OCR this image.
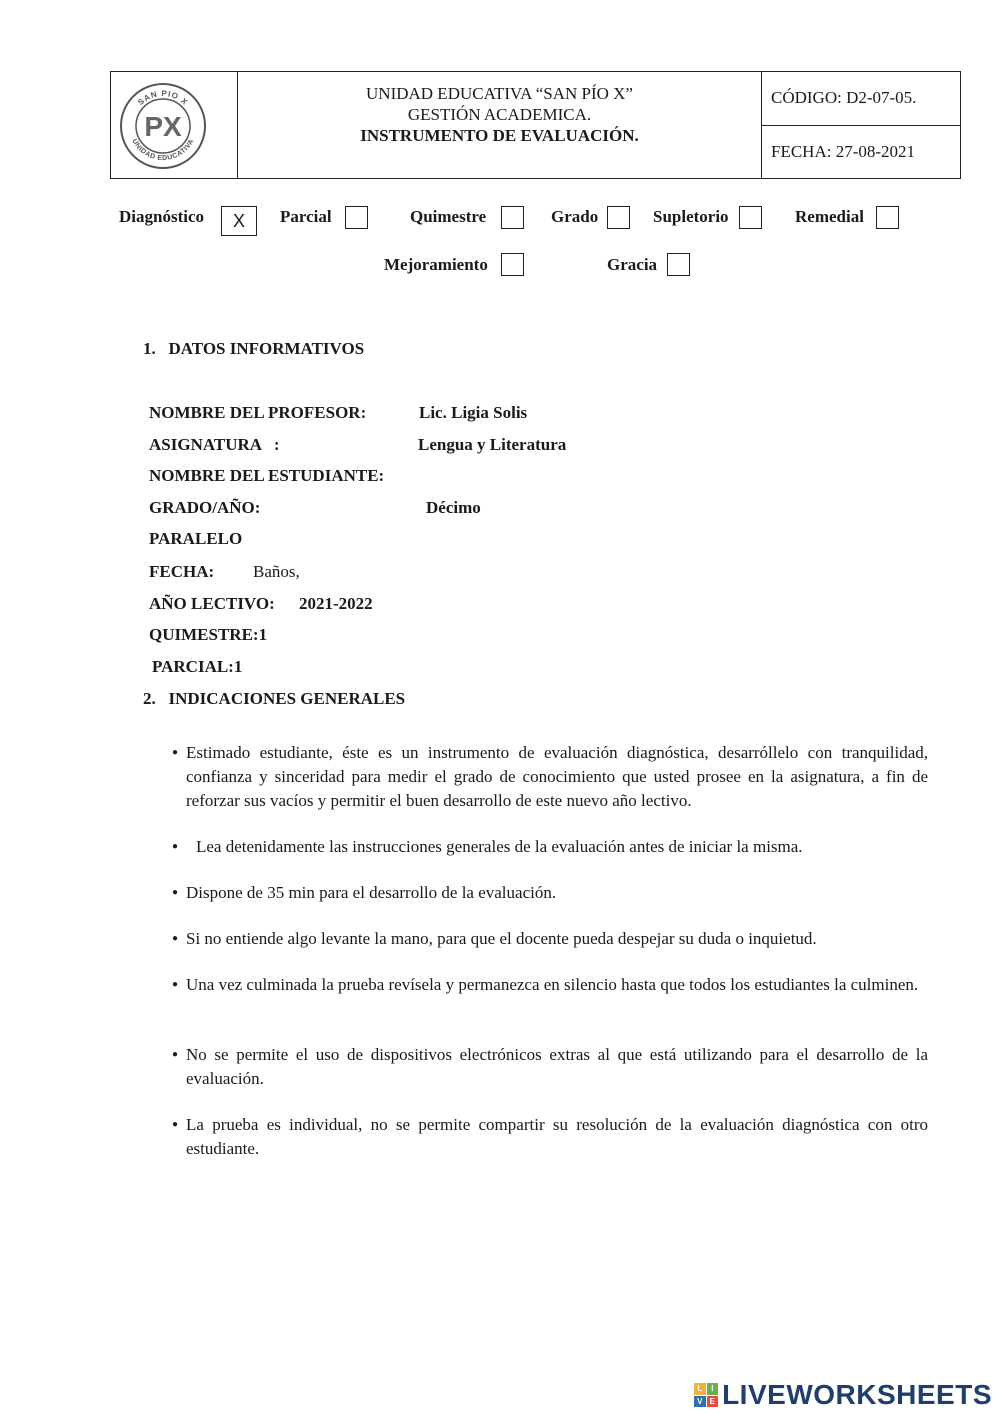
SAN PIO X
UNIDAD EDUCATIVA
PX
UNIDAD EDUCATIVA “SAN PÍO X”
GESTIÓN ACADEMICA.
INSTRUMENTO DE EVALUACIÓN.
CÓDIGO: D2-07-05.
FECHA: 27-08-2021
Diagnóstico	X	Parcial	Quimestre	Grado	Supletorio	Remedial
Mejoramiento	Gracia
1.   DATOS INFORMATIVOS
NOMBRE DEL PROFESOR:	Lic. Ligia Solis
ASIGNATURA   :	Lengua y Literatura
NOMBRE DEL ESTUDIANTE:
GRADO/AÑO:	Décimo
PARALELO
FECHA: Baños,
AÑO LECTIVO: 2021-2022
QUIMESTRE:1
PARCIAL:1
2.   INDICACIONES GENERALES
● Estimado estudiante, éste es un instrumento de evaluación diagnóstica, desarróllelo con tranquilidad, confianza y sinceridad para medir el grado de conocimiento que usted prosee en la asignatura, a fin de reforzar sus vacíos y permitir el buen desarrollo de este nuevo año lectivo.
● Lea detenidamente las instrucciones generales de la evaluación antes de iniciar la misma.
● Dispone de 35 min para el desarrollo de la evaluación.
● Si no entiende algo levante la mano, para que el docente pueda despejar su duda o inquietud.
● Una vez culminada la prueba revísela y permanezca en silencio hasta que todos los estudiantes la culminen.
● No se permite el uso de dispositivos electrónicos extras al que está utilizando para el desarrollo de la evaluación.
● La prueba es individual, no se permite compartir su resolución de la evaluación diagnóstica con otro estudiante.
L	I
V E LIVEWORKSHEETS
